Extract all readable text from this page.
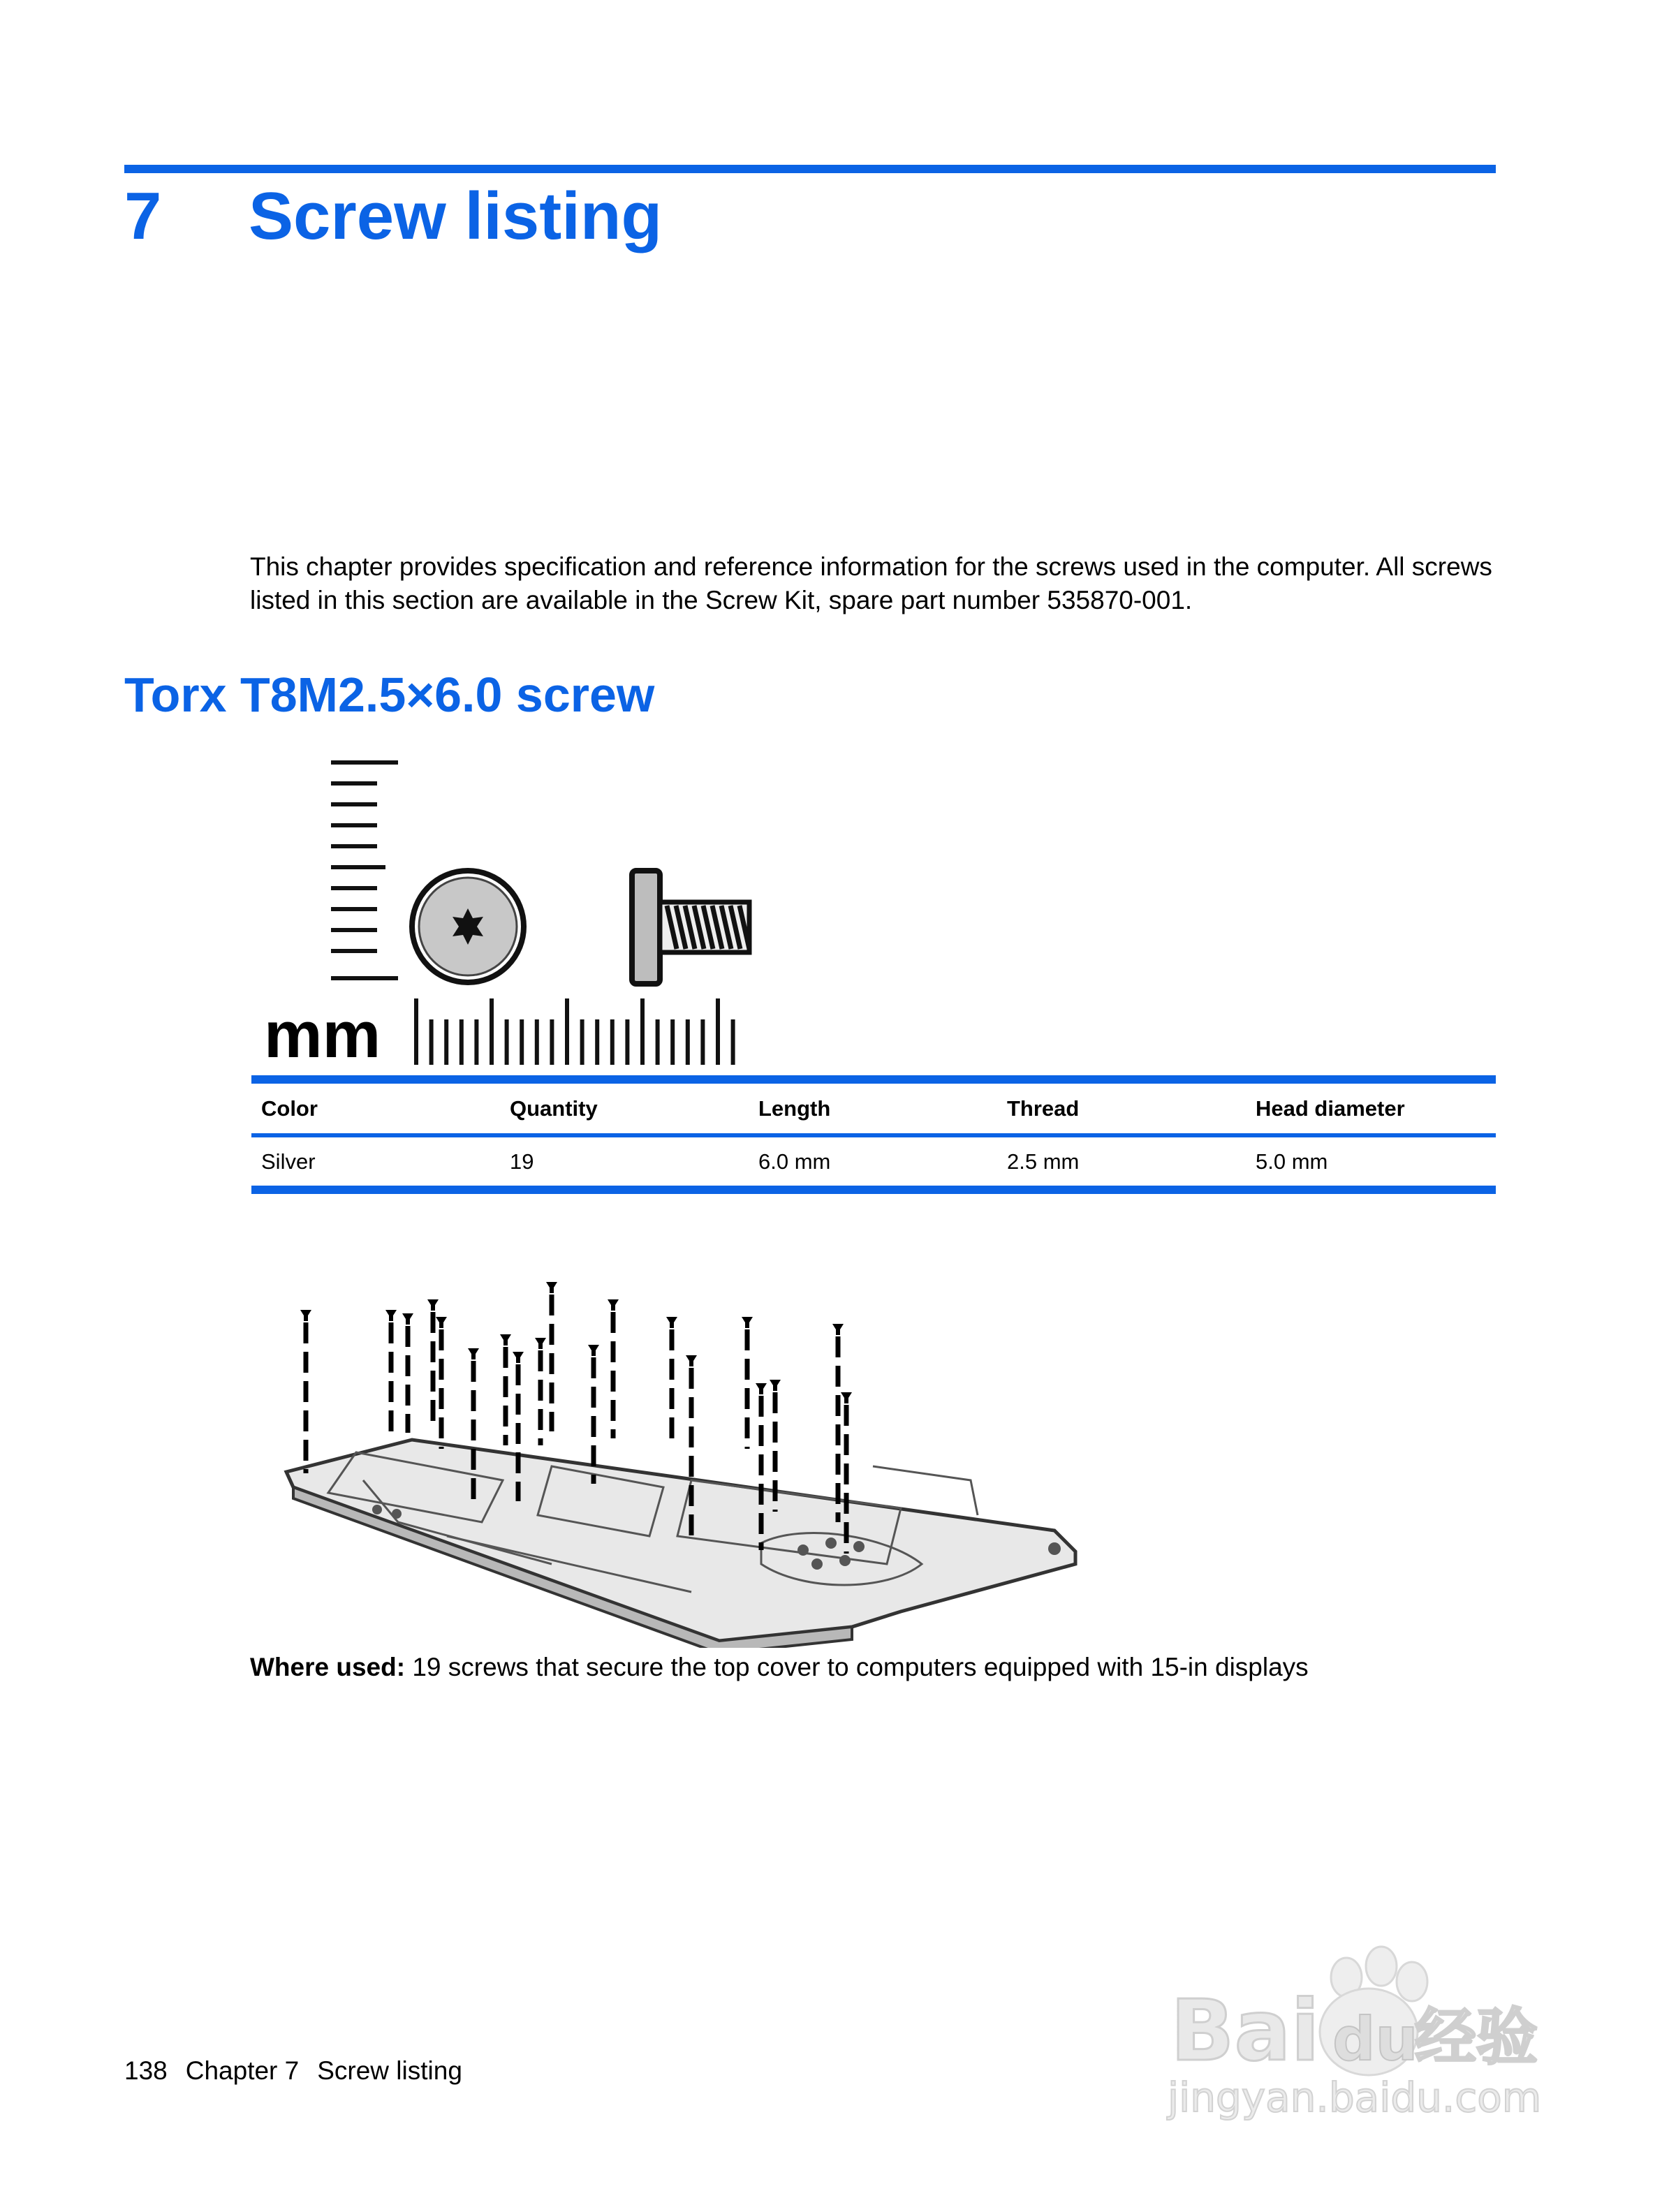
7 Screw listing
This chapter provides specification and reference information for the screws used in the computer. All screws listed in this section are available in the Screw Kit, spare part number 535870-001.
Torx T8M2.5×6.0 screw
mm
Color	Quantity	Length	Thread	Head diameter
Silver	19	6.0 mm	2.5 mm	5.0 mm
Where used: 19 screws that secure the top cover to computers equipped with 15-in displays
138 Chapter 7 Screw listing	Bai du
经验
jingyan.baidu.com
